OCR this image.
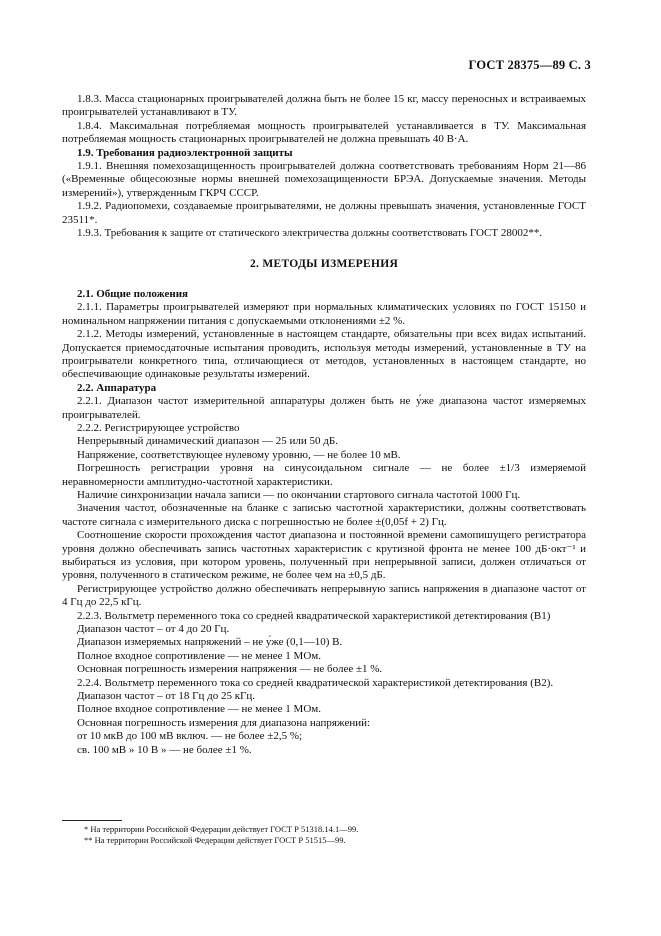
ГОСТ 28375—89 С. 3

1.8.3. Масса стационарных проигрывателей должна быть не более 15 кг, массу переносных и встраиваемых проигрывателей устанавливают в ТУ.

1.8.4. Максимальная потребляемая мощность проигрывателей устанавливается в ТУ. Максимальная потребляемая мощность стационарных проигрывателей не должна превышать 40 В·А.

1.9. Требования радиоэлектронной защиты

1.9.1. Внешняя помехозащищенность проигрывателей должна соответствовать требованиям Норм 21—86 («Временные общесоюзные нормы внешней помехозащищенности БРЭА. Допускаемые значения. Методы измерений»), утвержденным ГКРЧ СССР.

1.9.2. Радиопомехи, создаваемые проигрывателями, не должны превышать значения, установленные ГОСТ 23511*.

1.9.3. Требования к защите от статического электричества должны соответствовать ГОСТ 28002**.

2. МЕТОДЫ ИЗМЕРЕНИЯ

2.1. Общие положения

2.1.1. Параметры проигрывателей измеряют при нормальных климатических условиях по ГОСТ 15150 и номинальном напряжении питания с допускаемыми отклонениями ±2 %.

2.1.2. Методы измерений, установленные в настоящем стандарте, обязательны при всех видах испытаний. Допускается приемосдаточные испытания проводить, используя методы измерений, установленные в ТУ на проигрыватели конкретного типа, отличающиеся от методов, установленных в настоящем стандарте, но обеспечивающие одинаковые результаты измерений.

2.2. Аппаратура

2.2.1. Диапазон частот измерительной аппаратуры должен быть не у́же диапазона частот измеряемых проигрывателей.

2.2.2. Регистрирующее устройство

Непрерывный динамический диапазон — 25 или 50 дБ.

Напряжение, соответствующее нулевому уровню, — не более 10 мВ.

Погрешность регистрации уровня на синусоидальном сигнале — не более ±1/3 измеряемой неравномерности амплитудно-частотной характеристики.

Наличие синхронизации начала записи — по окончании стартового сигнала частотой 1000 Гц.

Значения частот, обозначенные на бланке с записью частотной характеристики, должны соответствовать частоте сигнала с измерительного диска с погрешностью не более ±(0,05f + 2) Гц.

Соотношение скорости прохождения частот диапазона и постоянной времени самопишущего регистратора уровня должно обеспечивать запись частотных характеристик с крутизной фронта не менее 100 дБ·окт⁻¹ и выбираться из условия, при котором уровень, полученный при непрерывной записи, должен отличаться от уровня, полученного в статическом режиме, не более чем на ±0,5 дБ.

Регистрирующее устройство должно обеспечивать непрерывную запись напряжения в диапазоне частот от 4 Гц до 22,5 кГц.

2.2.3. Вольтметр переменного тока со средней квадратической характеристикой детектирования (В1)

Диапазон частот – от 4 до 20 Гц.

Диапазон измеряемых напряжений – не у́же (0,1—10) В.

Полное входное сопротивление — не менее 1 МОм.

Основная погрешность измерения напряжения — не более ±1 %.

2.2.4. Вольтметр переменного тока со средней квадратической характеристикой детектирования (В2).

Диапазон частот – от 18 Гц до 25 кГц.

Полное входное сопротивление — не менее 1 МОм.

Основная погрешность измерения для диапазона напряжений:

от 10 мкВ до 100 мВ включ. — не более ±2,5 %;

св. 100 мВ » 10 В » — не более ±1 %.

* На территории Российской Федерации действует ГОСТ Р 51318.14.1—99.

** На территории Российской Федерации действует ГОСТ Р 51515—99.
